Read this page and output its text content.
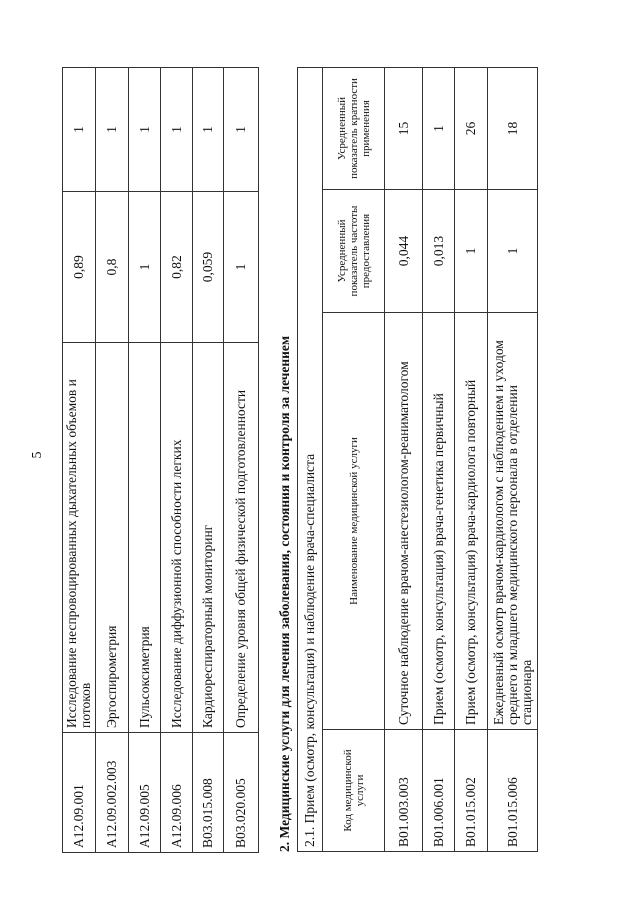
5
A12.09.001	Исследование неспровоцированных дыхательных объемов и потоков	0,89	1
A12.09.002.003	Эргоспирометрия	0,8	1
A12.09.005	Пульсоксиметрия	1	1
A12.09.006	Исследование диффузионной способности легких	0,82	1
B03.015.008	Кардиореспираторный мониторинг	0,059	1
B03.020.005	Определение уровня общей физической подготовленности	1	1
2. Медицинские услуги для лечения заболевания, состояния и контроля за лечением 2.1. Прием (осмотр, консультация) и наблюдение врача-специалиста			
Код медицинской услуги	Наименование медицинской услуги	Усредненный показатель частоты предоставления	Усредненный показатель кратности применения
B01.003.003	Суточное наблюдение врачом-анестезиологом-реаниматологом	0,044	15
B01.006.001	Прием (осмотр, консультация) врача-генетика первичный	0,013	1
B01.015.002	Прием (осмотр, консультация) врача-кардиолога повторный	1	26
B01.015.006	Ежедневный осмотр врачом-кардиологом с наблюдением и уходом среднего и младшего медицинского персонала в отделении стационара	1	18
